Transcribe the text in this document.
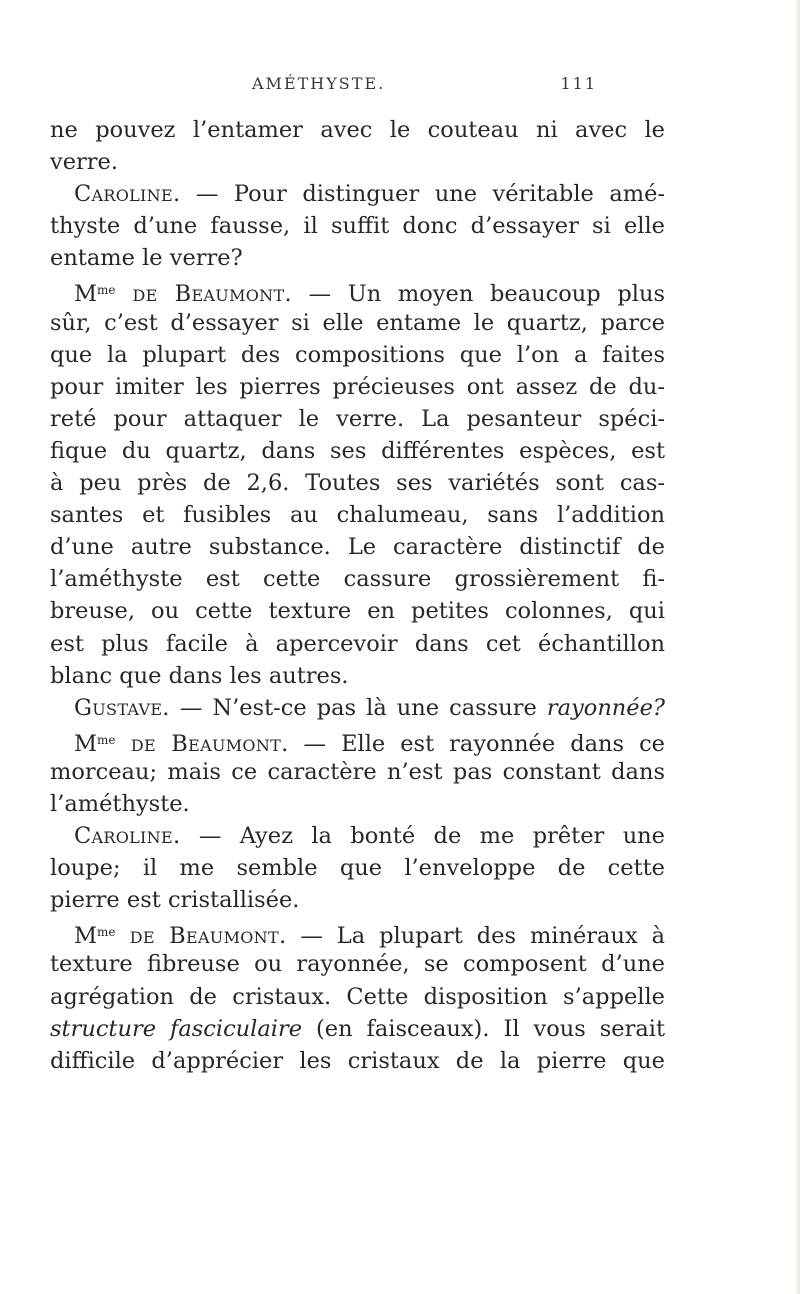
AMÉTHYSTE.	111
ne pouvez l’entamer avec le couteau ni avec le
verre.
Caroline. — Pour distinguer une véritable amé-
thyste d’une fausse, il suffit donc d’essayer si elle
entame le verre?
$M^{me}$ de Beaumont. — Un moyen beaucoup plus
sûr, c’est d’essayer si elle entame le quartz, parce
que la plupart des compositions que l’on a faites
pour imiter les pierres précieuses ont assez de du-
reté pour attaquer le verre. La pesanteur spéci-
fique du quartz, dans ses différentes espèces, est
à peu près de 2,6. Toutes ses variétés sont cas-
santes et fusibles au chalumeau, sans l’addition
d’une autre substance. Le caractère distinctif de
l’améthyste est cette cassure grossièrement fi-
breuse, ou cette texture en petites colonnes, qui
est plus facile à apercevoir dans cet échantillon
blanc que dans les autres.
Gustave. — N’est-ce pas là une cassure rayonnée?
$M^{me}$ de Beaumont. — Elle est rayonnée dans ce
morceau; mais ce caractère n’est pas constant dans
l’améthyste.
Caroline. — Ayez la bonté de me prêter une
loupe; il me semble que l’enveloppe de cette
pierre est cristallisée.
$M^{me}$ de Beaumont. — La plupart des minéraux à
texture fibreuse ou rayonnée, se composent d’une
agrégation de cristaux. Cette disposition s’appelle
structure fasciculaire (en faisceaux). Il vous serait
difficile d’apprécier les cristaux de la pierre que
